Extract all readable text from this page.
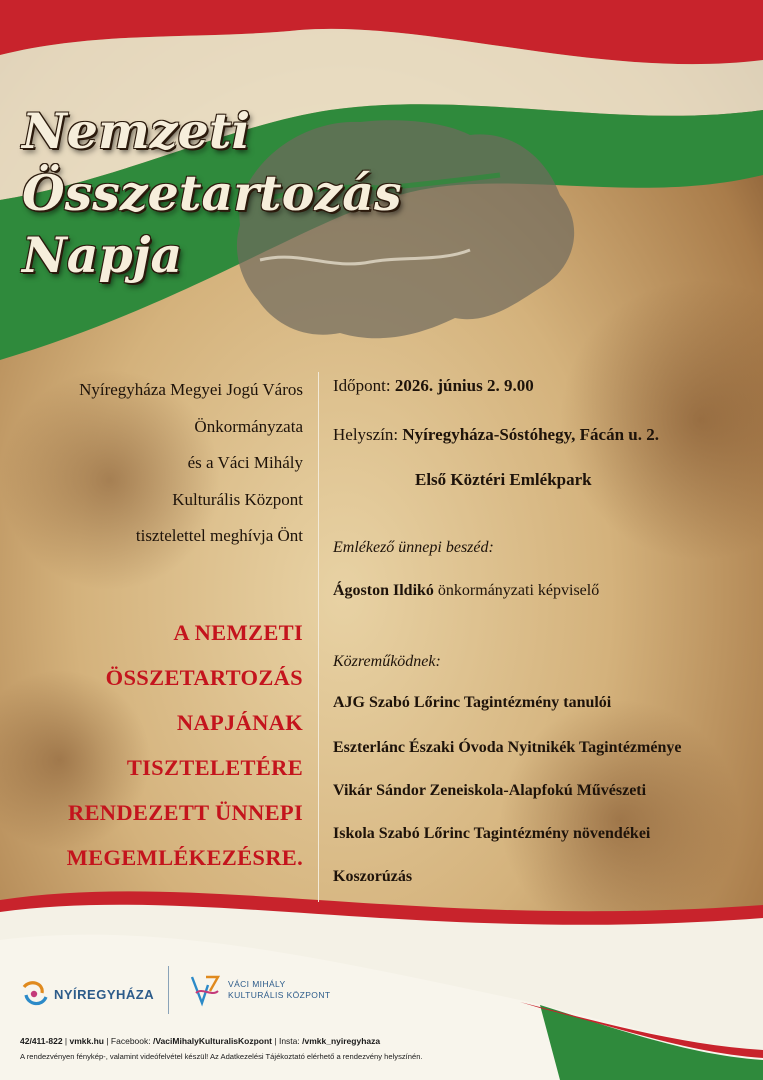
Nemzeti
Összetartozás
Napja
Nyíregyháza Megyei Jogú Város
Önkormányzata
és a Váci Mihály
Kulturális Központ
tisztelettel meghívja Önt
A NEMZETI
ÖSSZETARTOZÁS
NAPJÁNAK
TISZTELETÉRE
RENDEZETT ÜNNEPI
MEGEMLÉKEZÉSRE.
Időpont: 2026. június 2. 9.00
Helyszín: Nyíregyháza-Sóstóhegy, Fácán u. 2.
Első Köztéri Emlékpark
Emlékező ünnepi beszéd:
Ágoston Ildikó önkormányzati képviselő
Közreműködnek:
AJG Szabó Lőrinc Tagintézmény tanulói
Eszterlánc Északi Óvoda Nyitnikék Tagintézménye
Vikár Sándor Zeneiskola-Alapfokú Művészeti
Iskola Szabó Lőrinc Tagintézmény növendékei
Koszorúzás
NYÍREGYHÁZA
VÁCI MIHÁLY
KULTURÁLIS KÖZPONT
42/411-822 | vmkk.hu | Facebook: /VaciMihalyKulturalisKozpont | Insta: /vmkk_nyiregyhaza
A rendezvényen fénykép-, valamint videófelvétel készül! Az Adatkezelési Tájékoztató elérhető a rendezvény helyszínén.
